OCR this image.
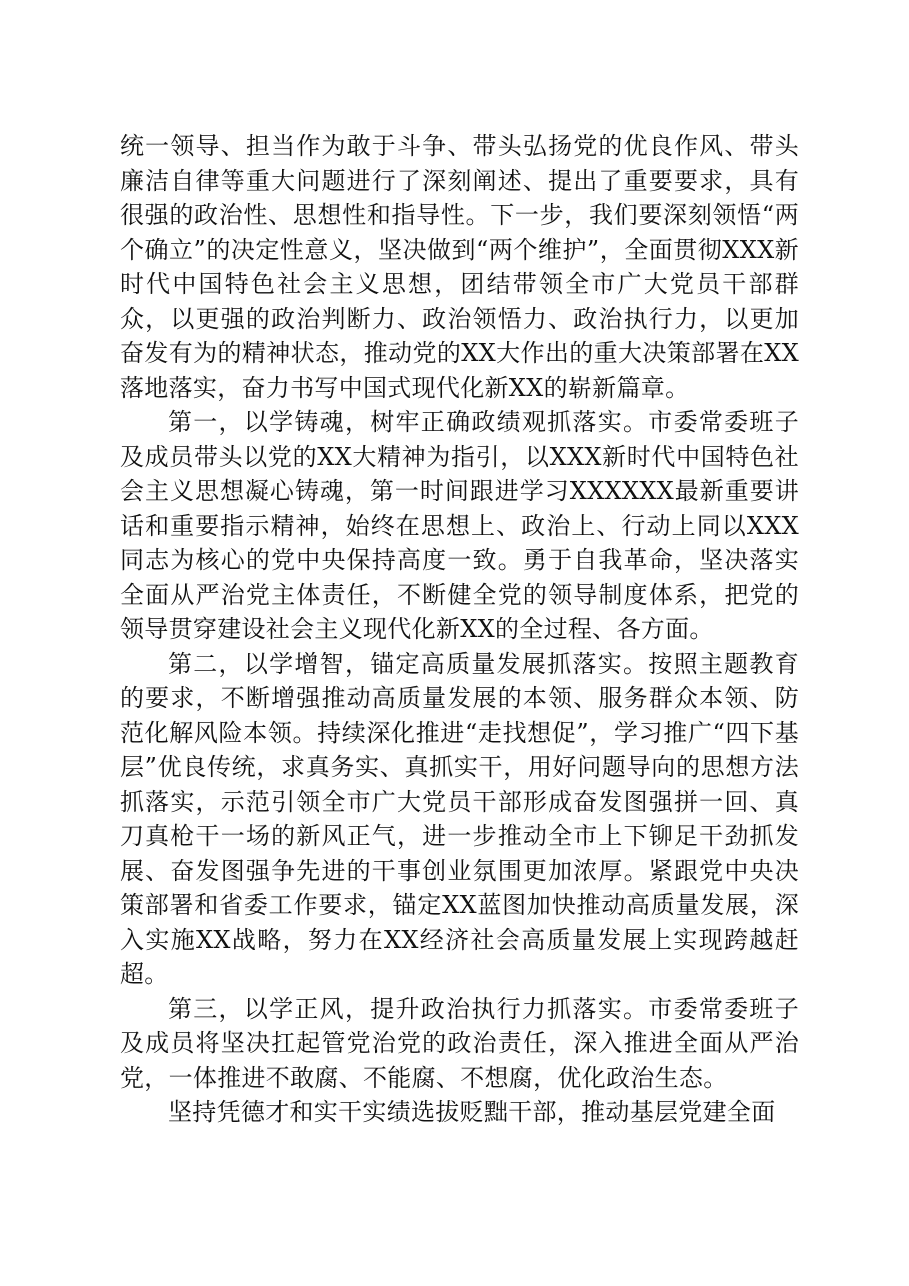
统一领导、担当作为敢于斗争、带头弘扬党的优良作风、带头廉洁自律等重大问题进行了深刻阐述、提出了重要要求，具有很强的政治性、思想性和指导性。下一步，我们要深刻领悟“两个确立”的决定性意义，坚决做到“两个维护”，全面贯彻XXX新时代中国特色社会主义思想，团结带领全市广大党员干部群众，以更强的政治判断力、政治领悟力、政治执行力，以更加奋发有为的精神状态，推动党的XX大作出的重大决策部署在XX落地落实，奋力书写中国式现代化新XX的崭新篇章。

第一，以学铸魂，树牢正确政绩观抓落实。市委常委班子及成员带头以党的XX大精神为指引，以XXX新时代中国特色社会主义思想凝心铸魂，第一时间跟进学习XXXXXX最新重要讲话和重要指示精神，始终在思想上、政治上、行动上同以XXX同志为核心的党中央保持高度一致。勇于自我革命，坚决落实全面从严治党主体责任，不断健全党的领导制度体系，把党的领导贯穿建设社会主义现代化新XX的全过程、各方面。

第二，以学增智，锚定高质量发展抓落实。按照主题教育的要求，不断增强推动高质量发展的本领、服务群众本领、防范化解风险本领。持续深化推进“走找想促”，学习推广“四下基层”优良传统，求真务实、真抓实干，用好问题导向的思想方法抓落实，示范引领全市广大党员干部形成奋发图强拼一回、真刀真枪干一场的新风正气，进一步推动全市上下铆足干劲抓发展、奋发图强争先进的干事创业氛围更加浓厚。紧跟党中央决策部署和省委工作要求，锚定XX蓝图加快推动高质量发展，深入实施XX战略，努力在XX经济社会高质量发展上实现跨越赶超。

第三，以学正风，提升政治执行力抓落实。市委常委班子及成员将坚决扛起管党治党的政治责任，深入推进全面从严治党，一体推进不敢腐、不能腐、不想腐，优化政治生态。

坚持凭德才和实干实绩选拔贬黜干部，推动基层党建全面
